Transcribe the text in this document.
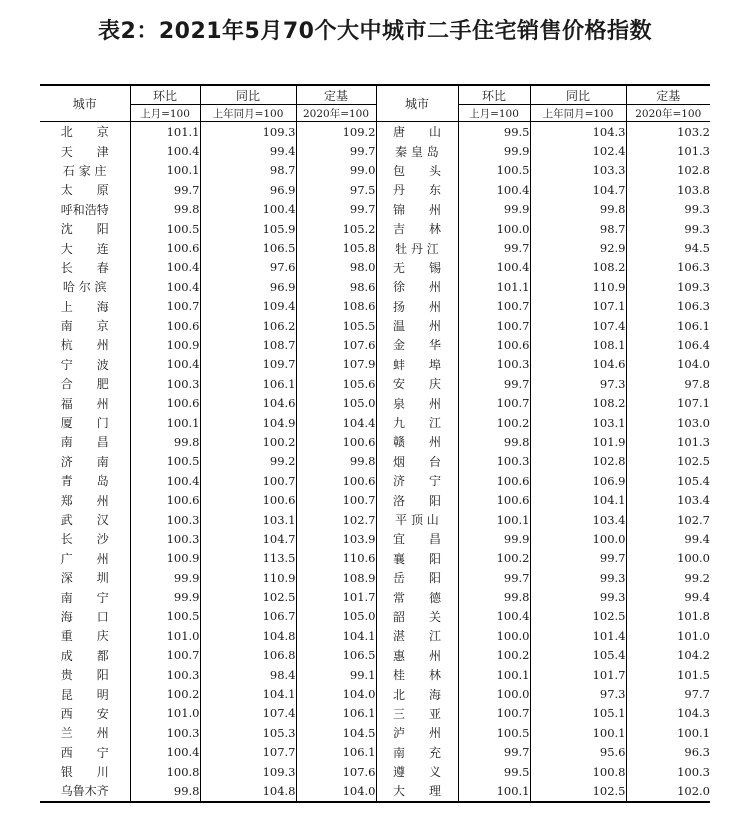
表2：2021年5月70个大中城市二手住宅销售价格指数
城市	环比	同比	定基	城市	环比	同比	定基
	上月=100	上年同月=100	2020年=100		上月=100	上年同月=100	2020年=100
北　　京	101.1	109.3	109.2	唐　　山	99.5	104.3	103.2
天　　津	100.4	99.4	99.7	秦 皇 岛	99.9	102.4	101.3
石 家 庄	100.1	98.7	99.0	包　　头	100.5	103.3	102.8
太　　原	99.7	96.9	97.5	丹　　东	100.4	104.7	103.8
呼和浩特	99.8	100.4	99.7	锦　　州	99.9	99.8	99.3
沈　　阳	100.5	105.9	105.2	吉　　林	100.0	98.7	99.3
大　　连	100.6	106.5	105.8	牡 丹 江	99.7	92.9	94.5
长　　春	100.4	97.6	98.0	无　　锡	100.4	108.2	106.3
哈 尔 滨	100.4	96.9	98.6	徐　　州	101.1	110.9	109.3
上　　海	100.7	109.4	108.6	扬　　州	100.7	107.1	106.3
南　　京	100.6	106.2	105.5	温　　州	100.7	107.4	106.1
杭　　州	100.9	108.7	107.6	金　　华	100.6	108.1	106.4
宁　　波	100.4	109.7	107.9	蚌　　埠	100.3	104.6	104.0
合　　肥	100.3	106.1	105.6	安　　庆	99.7	97.3	97.8
福　　州	100.6	104.6	105.0	泉　　州	100.7	108.2	107.1
厦　　门	100.1	104.9	104.4	九　　江	100.2	103.1	103.0
南　　昌	99.8	100.2	100.6	赣　　州	99.8	101.9	101.3
济　　南	100.5	99.2	99.8	烟　　台	100.3	102.8	102.5
青　　岛	100.4	100.7	100.6	济　　宁	100.6	106.9	105.4
郑　　州	100.6	100.6	100.7	洛　　阳	100.6	104.1	103.4
武　　汉	100.3	103.1	102.7	平 顶 山	100.1	103.4	102.7
长　　沙	100.3	104.7	103.9	宜　　昌	99.9	100.0	99.4
广　　州	100.9	113.5	110.6	襄　　阳	100.2	99.7	100.0
深　　圳	99.9	110.9	108.9	岳　　阳	99.7	99.3	99.2
南　　宁	99.9	102.5	101.7	常　　德	99.8	99.3	99.4
海　　口	100.5	106.7	105.0	韶　　关	100.4	102.5	101.8
重　　庆	101.0	104.8	104.1	湛　　江	100.0	101.4	101.0
成　　都	100.7	106.8	106.5	惠　　州	100.2	105.4	104.2
贵　　阳	100.3	98.4	99.1	桂　　林	100.1	101.7	101.5
昆　　明	100.2	104.1	104.0	北　　海	100.0	97.3	97.7
西　　安	101.0	107.4	106.1	三　　亚	100.7	105.1	104.3
兰　　州	100.3	105.3	104.5	泸　　州	100.5	100.1	100.1
西　　宁	100.4	107.7	106.1	南　　充	99.7	95.6	96.3
银　　川	100.8	109.3	107.6	遵　　义	99.5	100.8	100.3
乌鲁木齐	99.8	104.8	104.0	大　　理	100.1	102.5	102.0
